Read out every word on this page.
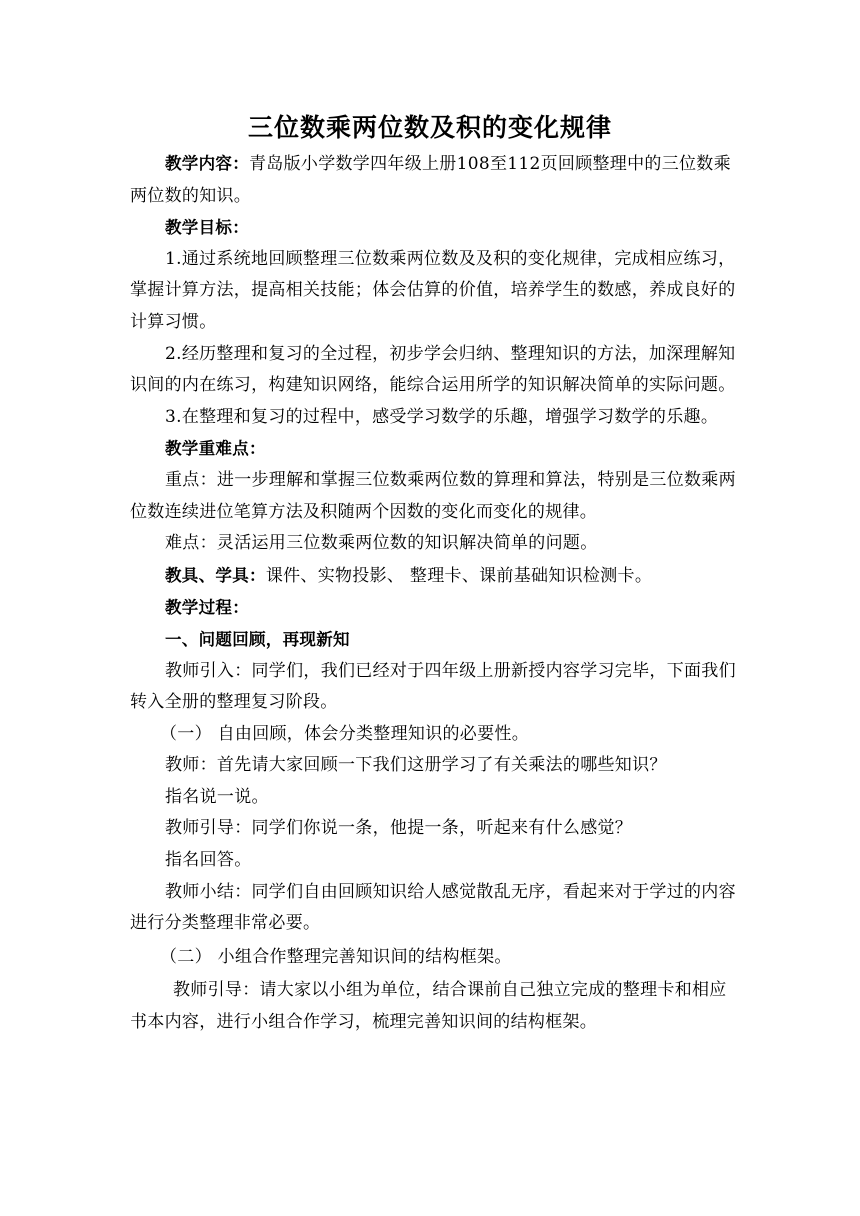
三位数乘两位数及积的变化规律

教学内容：青岛版小学数学四年级上册108至112页回顾整理中的三位数乘两位数的知识。

教学目标：

1.通过系统地回顾整理三位数乘两位数及及积的变化规律，完成相应练习，掌握计算方法，提高相关技能；体会估算的价值，培养学生的数感，养成良好的计算习惯。

2.经历整理和复习的全过程，初步学会归纳、整理知识的方法，加深理解知识间的内在练习，构建知识网络，能综合运用所学的知识解决简单的实际问题。

3.在整理和复习的过程中，感受学习数学的乐趣，增强学习数学的乐趣。

教学重难点：

重点：进一步理解和掌握三位数乘两位数的算理和算法，特别是三位数乘两位数连续进位笔算方法及积随两个因数的变化而变化的规律。

难点：灵活运用三位数乘两位数的知识解决简单的问题。

教具、学具：课件、实物投影、 整理卡、课前基础知识检测卡。

教学过程：

一、问题回顾，再现新知

教师引入：同学们，我们已经对于四年级上册新授内容学习完毕，下面我们转入全册的整理复习阶段。

（一） 自由回顾，体会分类整理知识的必要性。

教师：首先请大家回顾一下我们这册学习了有关乘法的哪些知识？

指名说一说。

教师引导：同学们你说一条，他提一条，听起来有什么感觉？

指名回答。

教师小结：同学们自由回顾知识给人感觉散乱无序，看起来对于学过的内容进行分类整理非常必要。

（二） 小组合作整理完善知识间的结构框架。

教师引导：请大家以小组为单位，结合课前自己独立完成的整理卡和相应书本内容，进行小组合作学习，梳理完善知识间的结构框架。
